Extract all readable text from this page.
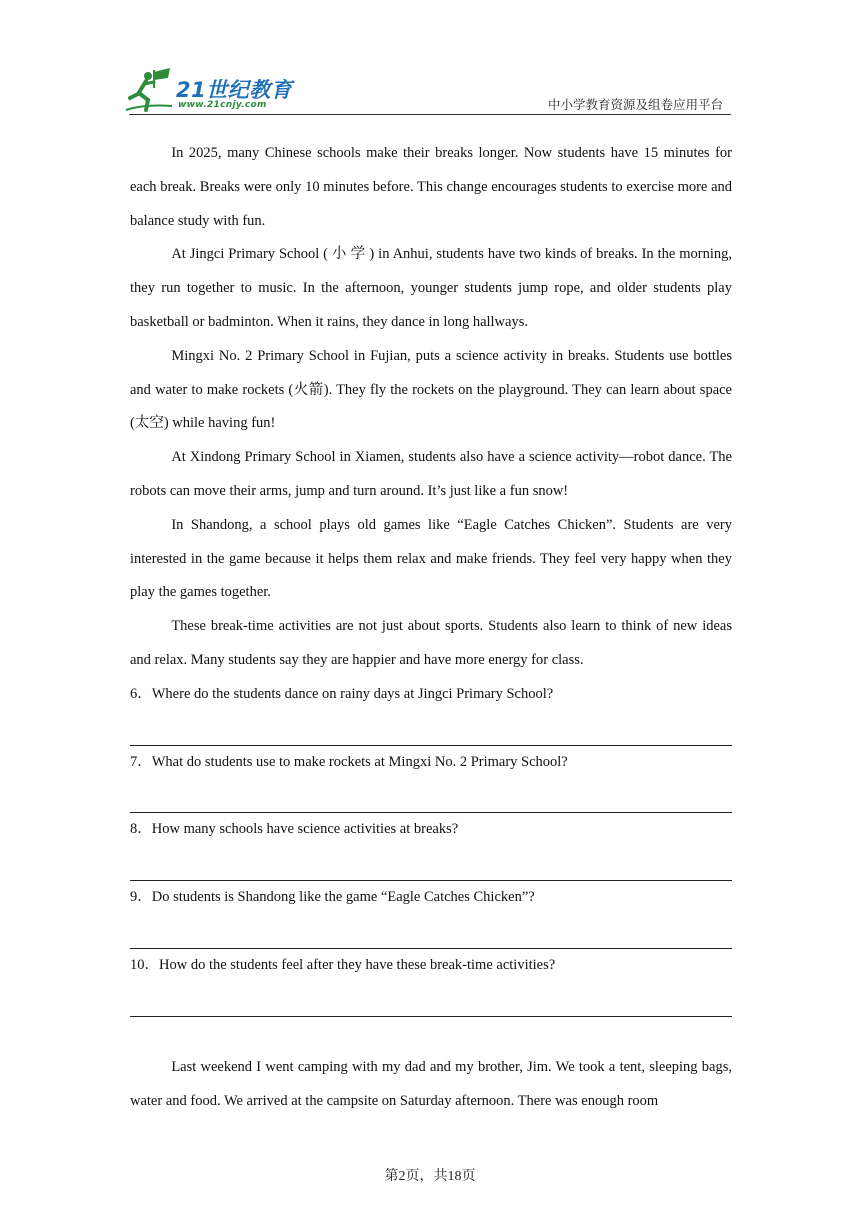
21世纪教育
www.21cnjy.com	中小学教育资源及组卷应用平台

In 2025, many Chinese schools make their breaks longer. Now students have 15 minutes for each break. Breaks were only 10 minutes before. This change encourages students to exercise more and balance study with fun.

At Jingci Primary School ( 小 学 ) in Anhui, students have two kinds of breaks. In the morning, they run together to music. In the afternoon, younger students jump rope, and older students play basketball or badminton. When it rains, they dance in long hallways.

Mingxi No. 2 Primary School in Fujian, puts a science activity in breaks. Students use bottles and water to make rockets (火箭). They fly the rockets on the playground. They can learn about space (太空) while having fun!

At Xindong Primary School in Xiamen, students also have a science activity—robot dance. The robots can move their arms, jump and turn around. It’s just like a fun snow!

In Shandong, a school plays old games like “Eagle Catches Chicken”. Students are very interested in the game because it helps them relax and make friends. They feel very happy when they play the games together.

These break-time activities are not just about sports. Students also learn to think of new ideas and relax. Many students say they are happier and have more energy for class.

6．Where do the students dance on rainy days at Jingci Primary School?
7．What do students use to make rockets at Mingxi No. 2 Primary School?
8．How many schools have science activities at breaks?
9．Do students is Shandong like the game “Eagle Catches Chicken”?
10．How do the students feel after they have these break-time activities?

Last weekend I went camping with my dad and my brother, Jim. We took a tent, sleeping bags, water and food. We arrived at the campsite on Saturday afternoon. There was enough room

第2页，共18页
